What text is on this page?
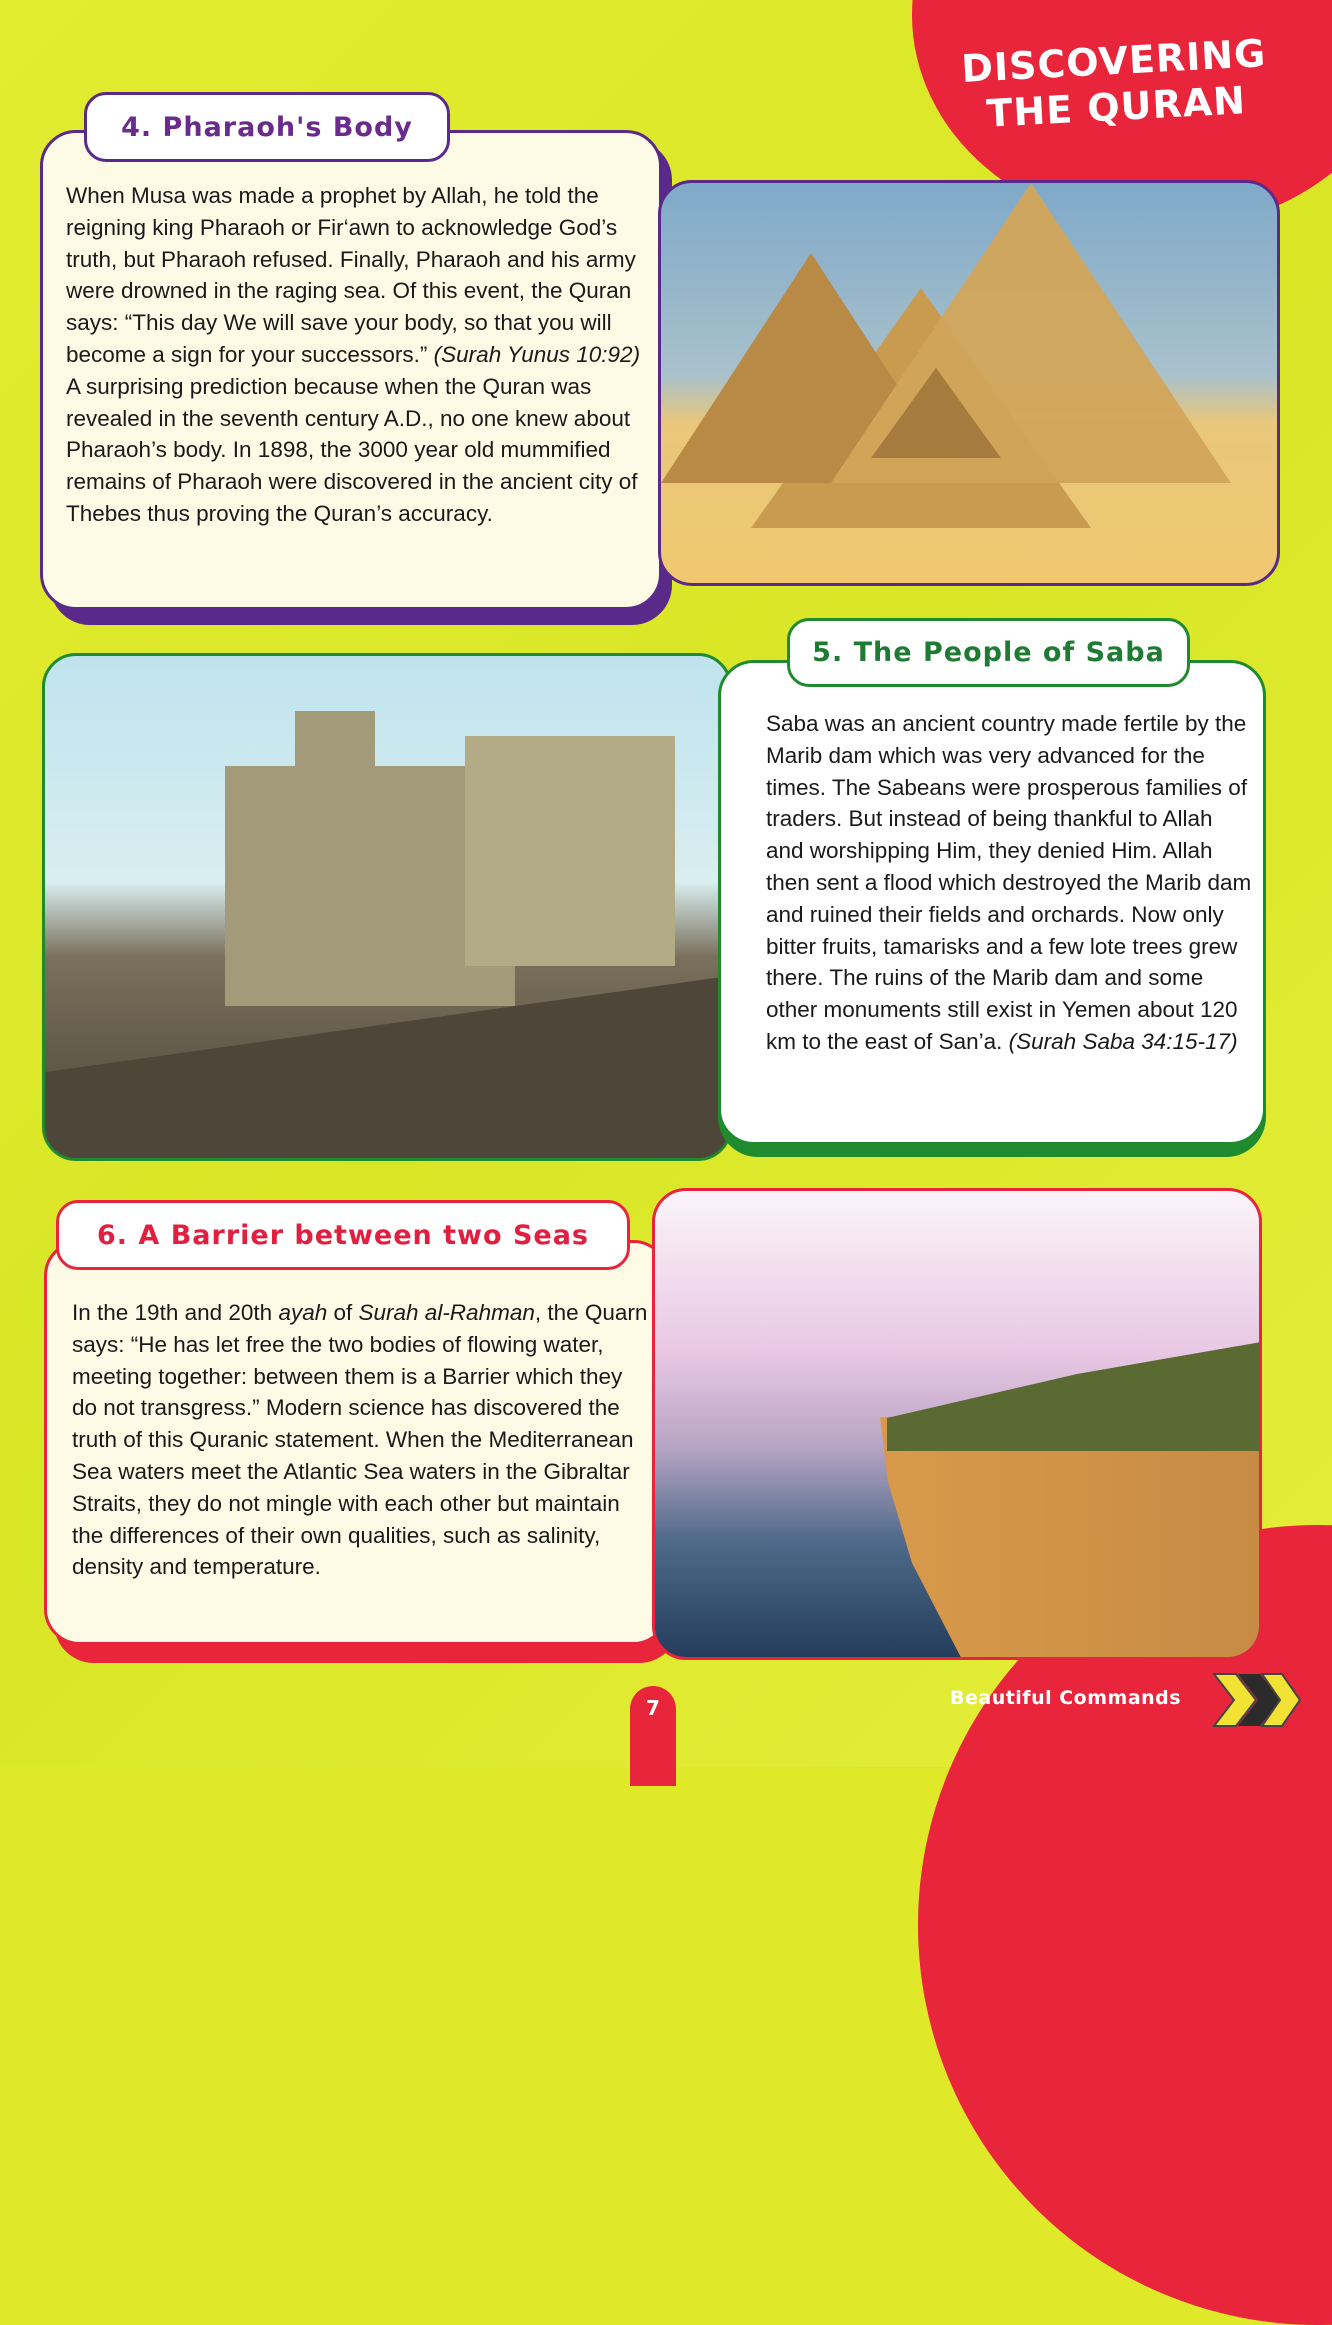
DISCOVERING THE QURAN
4. Pharaoh's Body
When Musa was made a prophet by Allah, he told the reigning king Pharaoh or Fir‘awn to acknowledge God’s truth, but Pharaoh refused. Finally, Pharaoh and his army were drowned in the raging sea. Of this event, the Quran says: “This day We will save your body, so that you will become a sign for your successors.” (Surah Yunus 10:92)
A surprising prediction because when the Quran was revealed in the seventh century A.D., no one knew about Pharaoh’s body. In 1898, the 3000 year old mummified remains of Pharaoh were discovered in the ancient city of Thebes thus proving the Quran’s accuracy.
5. The People of Saba
Saba was an ancient country made fertile by the Marib dam which was very advanced for the times. The Sabeans were prosperous families of traders. But instead of being thankful to Allah and worshipping Him, they denied Him. Allah then sent a flood which destroyed the Marib dam and ruined their fields and orchards. Now only bitter fruits, tamarisks and a few lote trees grew there. The ruins of the Marib dam and some other monuments still exist in Yemen about 120 km to the east of San’a. (Surah Saba 34:15-17)
6. A Barrier between two Seas
In the 19th and 20th ayah of Surah al-Rahman, the Quarn says: “He has let free the two bodies of flowing water, meeting together: between them is a Barrier which they do not transgress.” Modern science has discovered the truth of this Quranic statement. When the Mediterranean Sea waters meet the Atlantic Sea waters in the Gibraltar Straits, they do not mingle with each other but maintain the differences of their own qualities, such as salinity, density and temperature.
7	Beautiful Commands
